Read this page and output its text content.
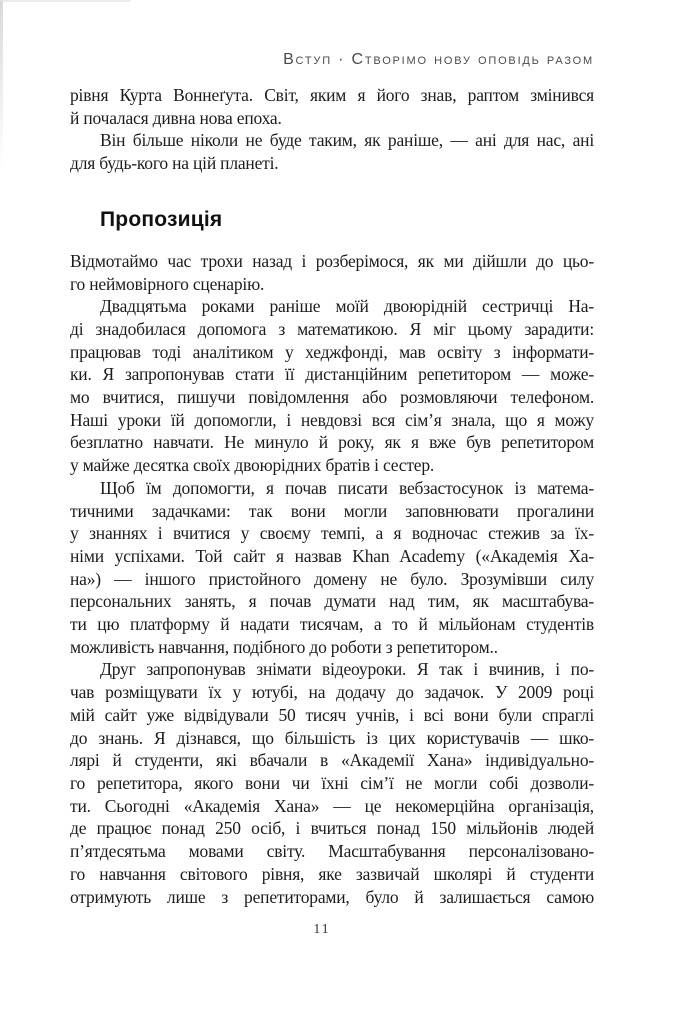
Вступ · Створімо нову оповідь разом
рівня Курта Воннеґута. Світ, яким я його знав, раптом змінився
й почалася дивна нова епоха.
Він більше ніколи не буде таким, як раніше, — ані для нас, ані
для будь-кого на цій планеті.
Пропозиція
Відмотаймо час трохи назад і розберімося, як ми дійшли до цьо-
го неймовірного сценарію.
Двадцятьма роками раніше моїй двоюрідній сестричці На-
ді знадобилася допомога з математикою. Я міг цьому зарадити:
працював тоді аналітиком у хеджфонді, мав освіту з інформати-
ки. Я запропонував стати її дистанційним репетитором — може-
мо вчитися, пишучи повідомлення або розмовляючи телефоном.
Наші уроки їй допомогли, і невдовзі вся сім’я знала, що я можу
безплатно навчати. Не минуло й року, як я вже був репетитором
у майже десятка своїх двоюрідних братів і сестер.
Щоб їм допомогти, я почав писати вебзастосунок із матема-
тичними задачками: так вони могли заповнювати прогалини
у знаннях і вчитися у своєму темпі, а я водночас стежив за їх-
німи успіхами. Той сайт я назвав Khan Academy («Академія Ха-
на») — іншого пристойного домену не було. Зрозумівши силу
персональних занять, я почав думати над тим, як масштабува-
ти цю платформу й надати тисячам, а то й мільйонам студентів
можливість навчання, подібного до роботи з репетитором..
Друг запропонував знімати відеоуроки. Я так і вчинив, і по-
чав розміщувати їх у ютубі, на додачу до задачок. У 2009 році
мій сайт уже відвідували 50 тисяч учнів, і всі вони були спраглі
до знань. Я дізнався, що більшість із цих користувачів — шко-
лярі й студенти, які вбачали в «Академії Хана» індивідуально-
го репетитора, якого вони чи їхні сім’ї не могли собі дозволи-
ти. Сьогодні «Академія Хана» — це некомерційна організація,
де працює понад 250 осіб, і вчиться понад 150 мільйонів людей
п’ятдесятьма мовами світу. Масштабування персоналізовано-
го навчання світового рівня, яке зазвичай школярі й студенти
отримують лише з репетиторами, було й залишається самою
11
